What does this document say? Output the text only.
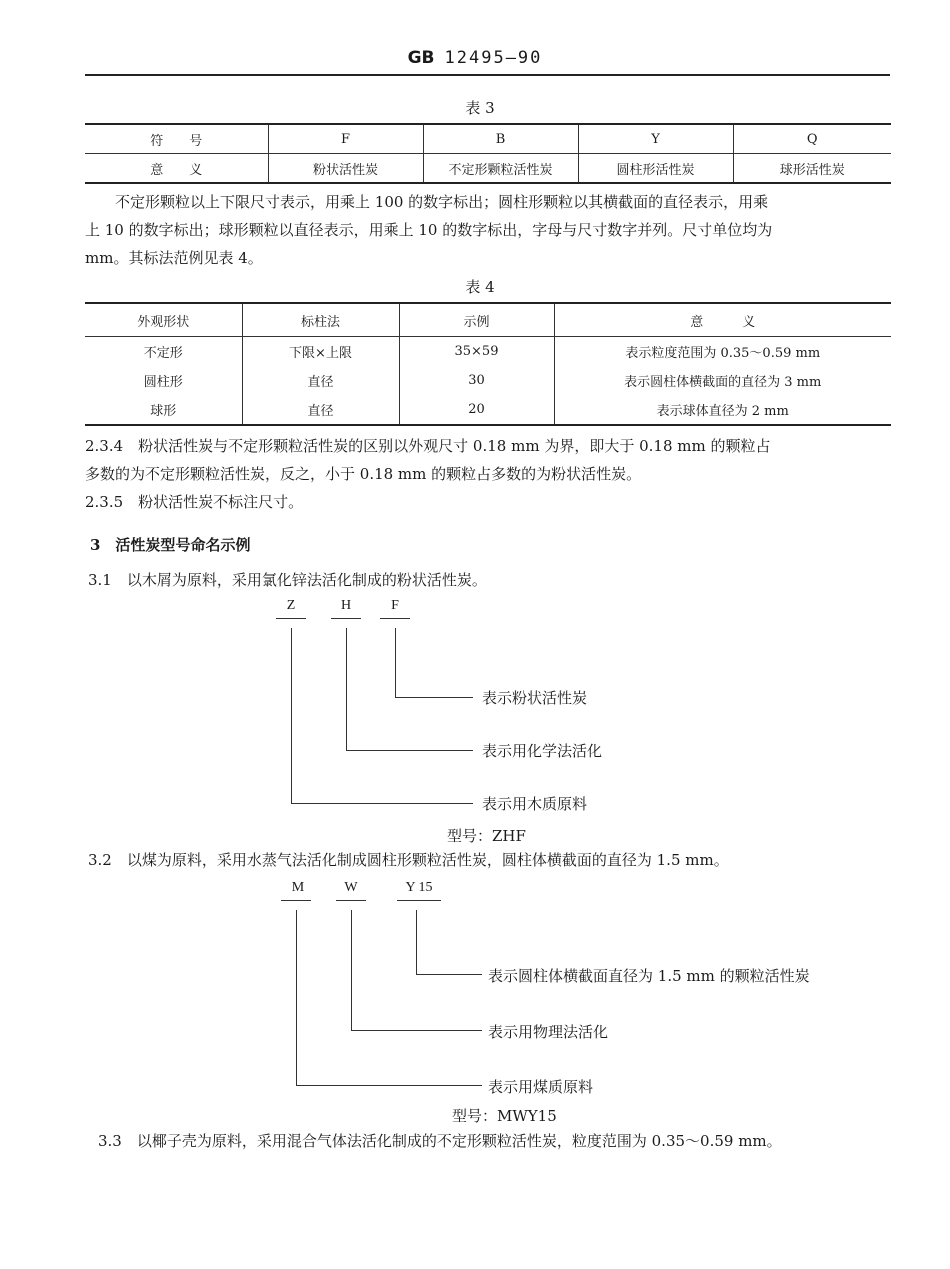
GB 12495—90
表 3
符　　号	F	B	Y	Q
意　　义	粉状活性炭	不定形颗粒活性炭	圆柱形活性炭	球形活性炭
不定形颗粒以上下限尺寸表示，用乘上 100 的数字标出；圆柱形颗粒以其横截面的直径表示，用乘
上 10 的数字标出；球形颗粒以直径表示，用乘上 10 的数字标出，字母与尺寸数字并列。尺寸单位均为
mm。其标法范例见表 4。
表 4
外观形状	标柱法	示例	意　　　义
不定形	下限×上限	35×59	表示粒度范围为 0.35～0.59 mm
圆柱形	直径	30	表示圆柱体横截面的直径为 3 mm
球形	直径	20	表示球体直径为 2 mm
2.3.4　粉状活性炭与不定形颗粒活性炭的区别以外观尺寸 0.18 mm 为界，即大于 0.18 mm 的颗粒占
多数的为不定形颗粒活性炭，反之，小于 0.18 mm 的颗粒占多数的为粉状活性炭。
2.3.5　粉状活性炭不标注尺寸。
3　活性炭型号命名示例
3.1　以木屑为原料，采用氯化锌法活化制成的粉状活性炭。
Z	H	F
表示粉状活性炭
表示用化学法活化
表示用木质原料
型号：ZHF
3.2　以煤为原料，采用水蒸气法活化制成圆柱形颗粒活性炭，圆柱体横截面的直径为 1.5 mm。
M	W	Y 15
表示圆柱体横截面直径为 1.5 mm 的颗粒活性炭
表示用物理法活化
表示用煤质原料
型号：MWY15
3.3　以椰子壳为原料，采用混合气体法活化制成的不定形颗粒活性炭，粒度范围为 0.35～0.59 mm。
